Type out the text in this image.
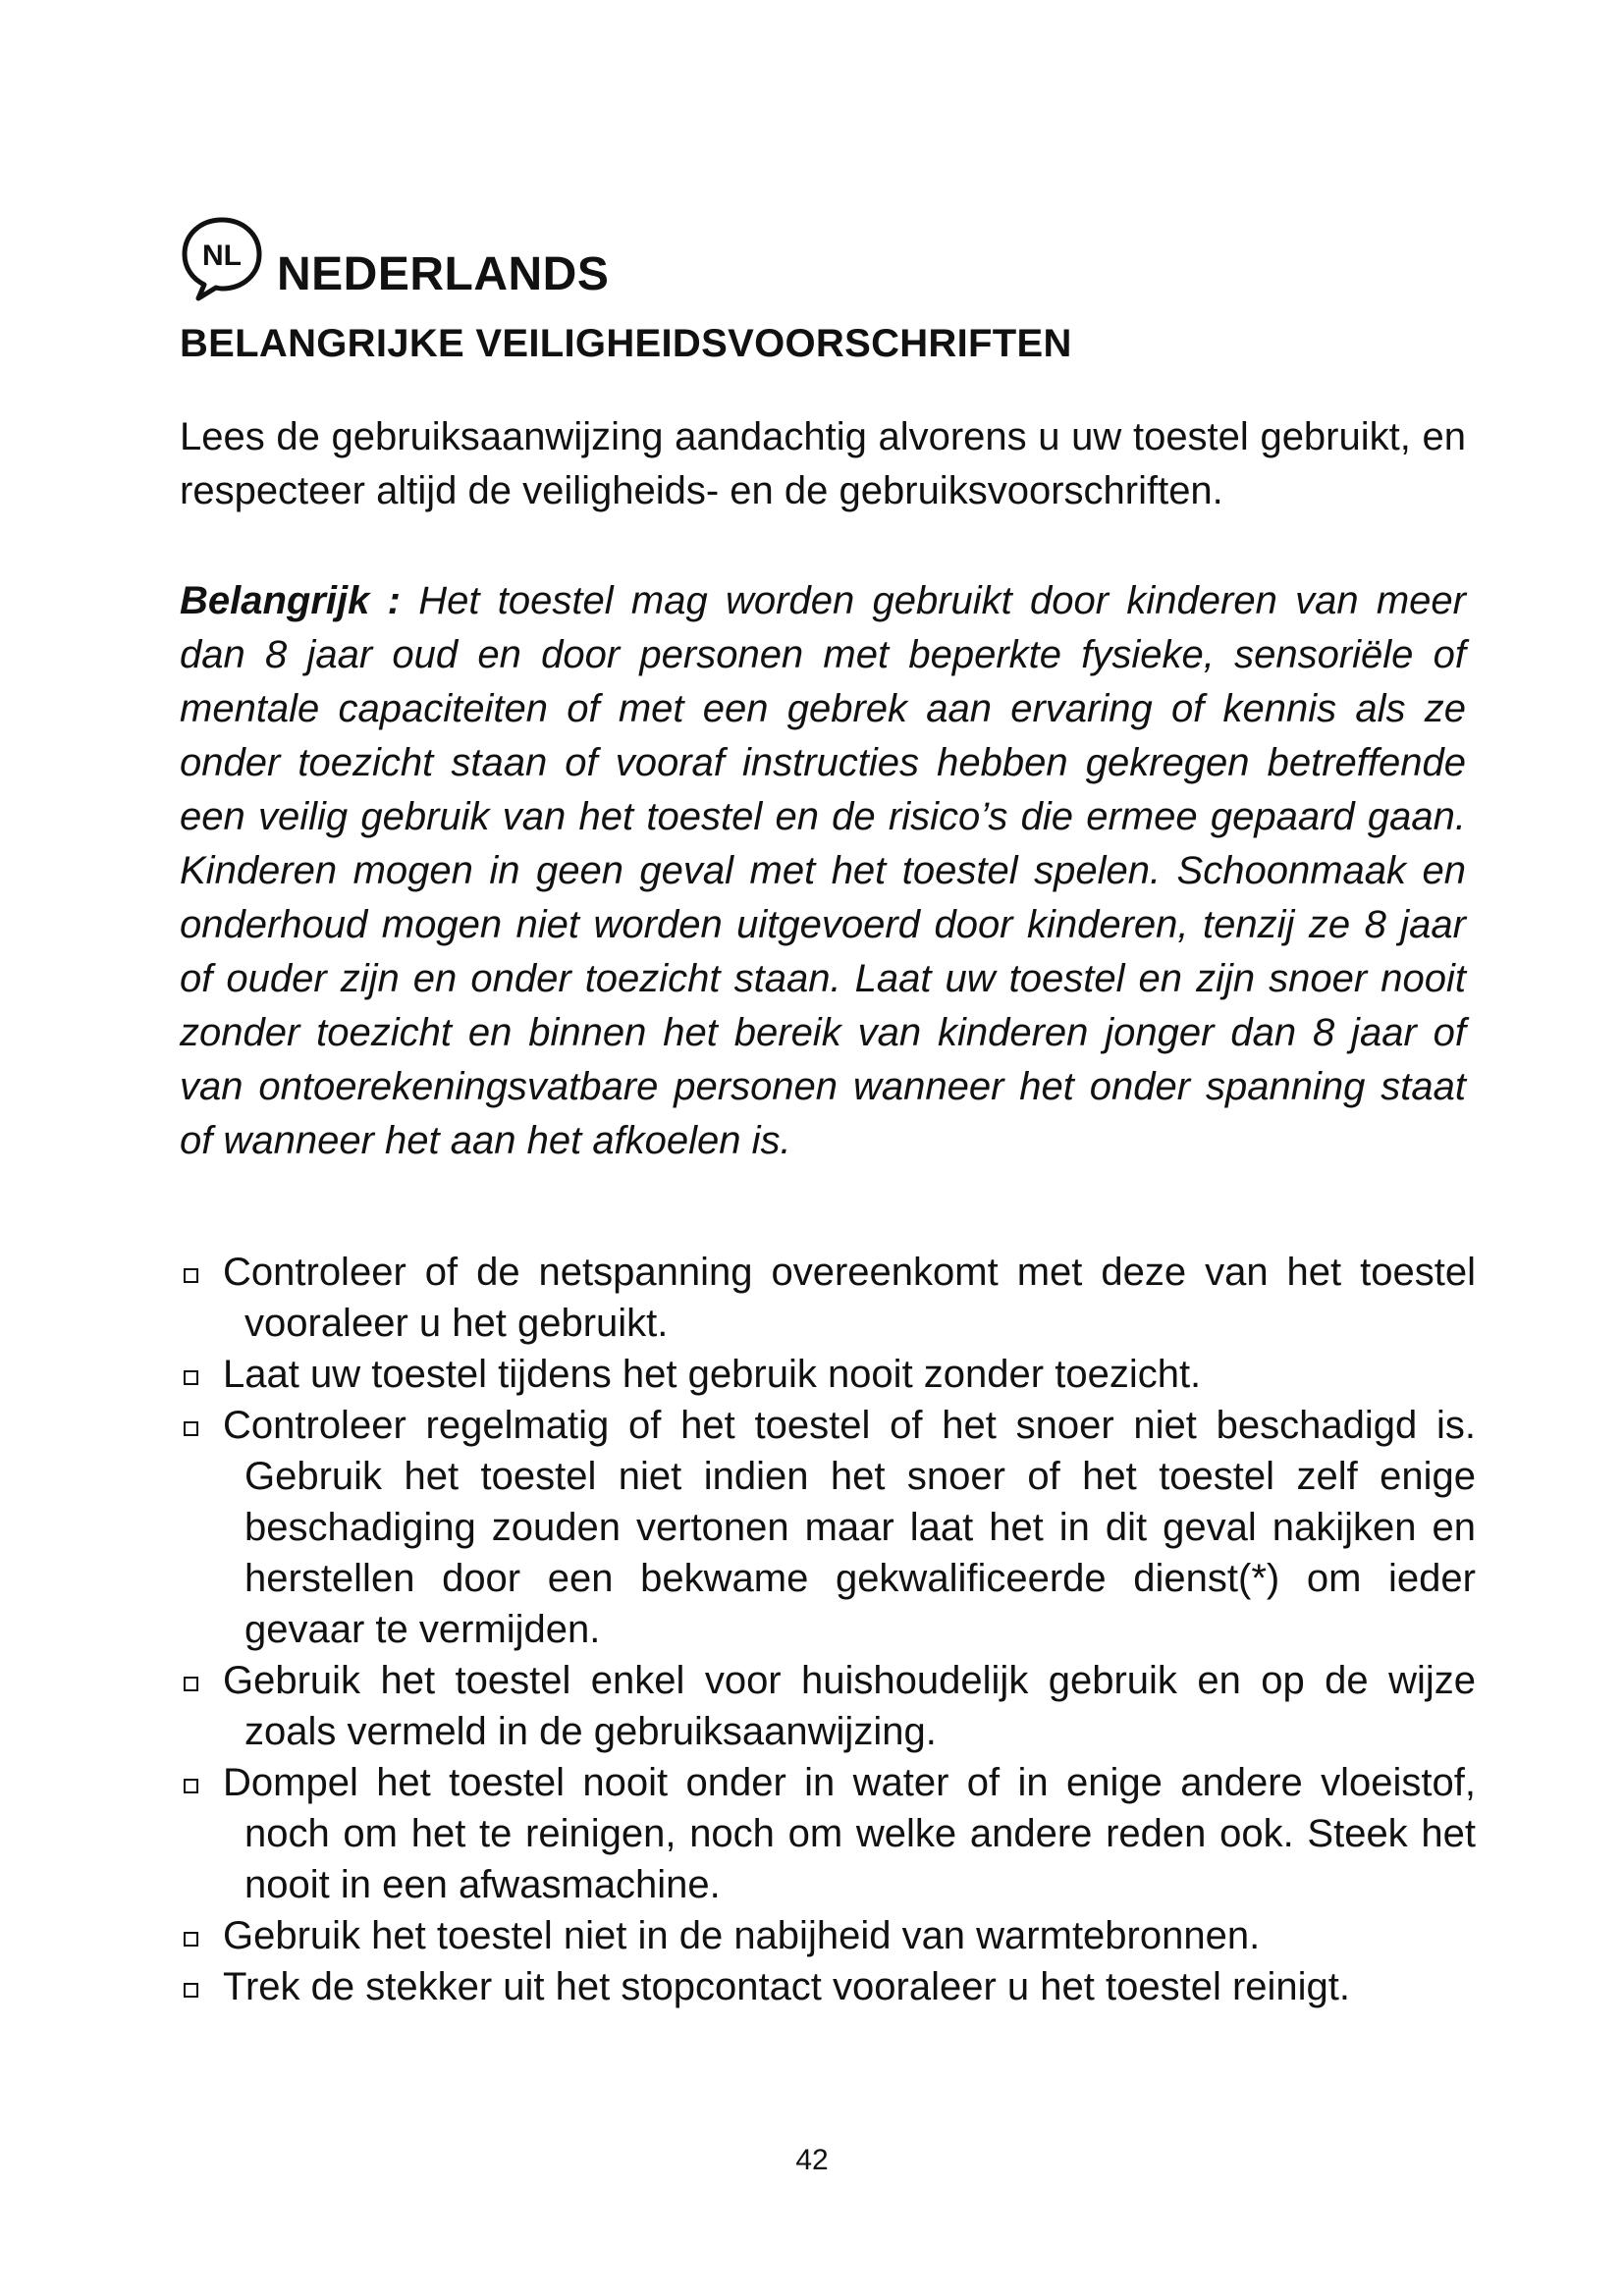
NL NEDERLANDS
BELANGRIJKE VEILIGHEIDSVOORSCHRIFTEN

Lees de gebruiksaanwijzing aandachtig alvorens u uw toestel gebruikt, en respecteer altijd de veiligheids- en de gebruiksvoorschriften.

Belangrijk : Het toestel mag worden gebruikt door kinderen van meer dan 8 jaar oud en door personen met beperkte fysieke, sensoriële of mentale capaciteiten of met een gebrek aan ervaring of kennis als ze onder toezicht staan of vooraf instructies hebben gekregen betreffende een veilig gebruik van het toestel en de risico’s die ermee gepaard gaan. Kinderen mogen in geen geval met het toestel spelen. Schoonmaak en onderhoud mogen niet worden uitgevoerd door kinderen, tenzij ze 8 jaar of ouder zijn en onder toezicht staan. Laat uw toestel en zijn snoer nooit zonder toezicht en binnen het bereik van kinderen jonger dan 8 jaar of van ontoerekeningsvatbare personen wanneer het onder spanning staat of wanneer het aan het afkoelen is.

Controleer of de netspanning overeenkomt met deze van het toestel vooraleer u het gebruikt.
Laat uw toestel tijdens het gebruik nooit zonder toezicht.
Controleer regelmatig of het toestel of het snoer niet beschadigd is. Gebruik het toestel niet indien het snoer of het toestel zelf enige beschadiging zouden vertonen maar laat het in dit geval nakijken en herstellen door een bekwame gekwalificeerde dienst(*) om ieder gevaar te vermijden.
Gebruik het toestel enkel voor huishoudelijk gebruik en op de wijze zoals vermeld in de gebruiksaanwijzing.
Dompel het toestel nooit onder in water of in enige andere vloeistof, noch om het te reinigen, noch om welke andere reden ook. Steek het nooit in een afwasmachine.
Gebruik het toestel niet in de nabijheid van warmtebronnen.
Trek de stekker uit het stopcontact vooraleer u het toestel reinigt.
42
